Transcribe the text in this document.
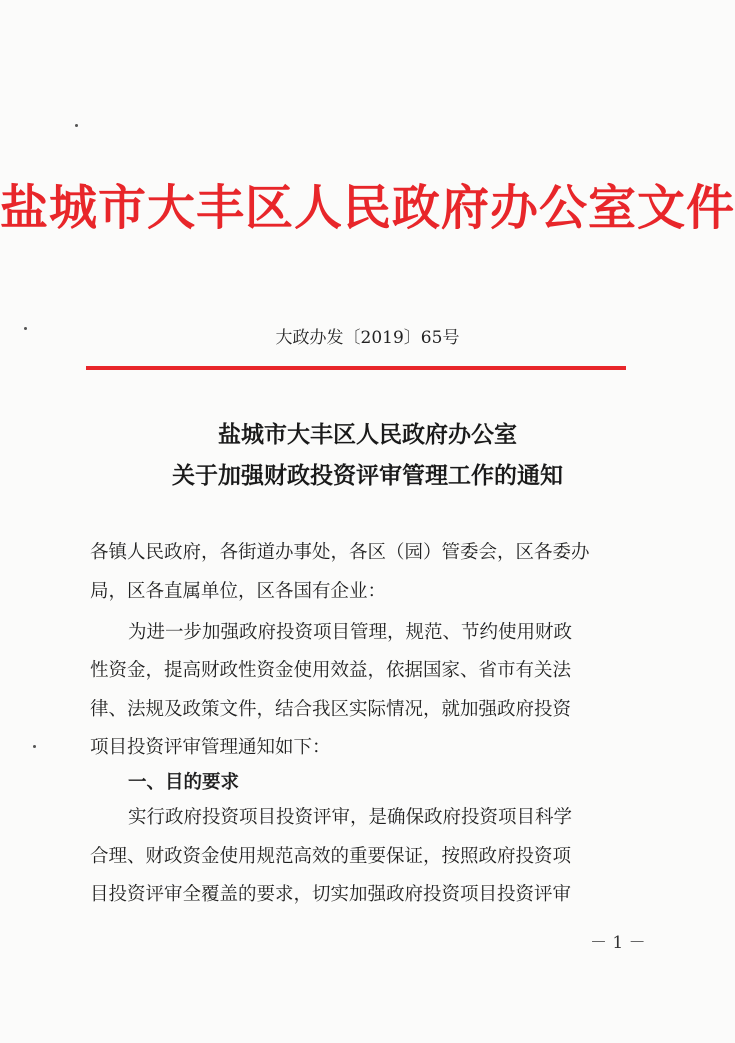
盐城市大丰区人民政府办公室文件
大政办发〔2019〕65号
盐城市大丰区人民政府办公室
关于加强财政投资评审管理工作的通知
各镇人民政府，各街道办事处，各区（园）管委会，区各委办
局，区各直属单位，区各国有企业：
为进一步加强政府投资项目管理，规范、节约使用财政
性资金，提高财政性资金使用效益，依据国家、省市有关法
律、法规及政策文件，结合我区实际情况，就加强政府投资
项目投资评审管理通知如下：
一、目的要求
实行政府投资项目投资评审，是确保政府投资项目科学
合理、财政资金使用规范高效的重要保证，按照政府投资项
目投资评审全覆盖的要求，切实加强政府投资项目投资评审
－ 1 －
